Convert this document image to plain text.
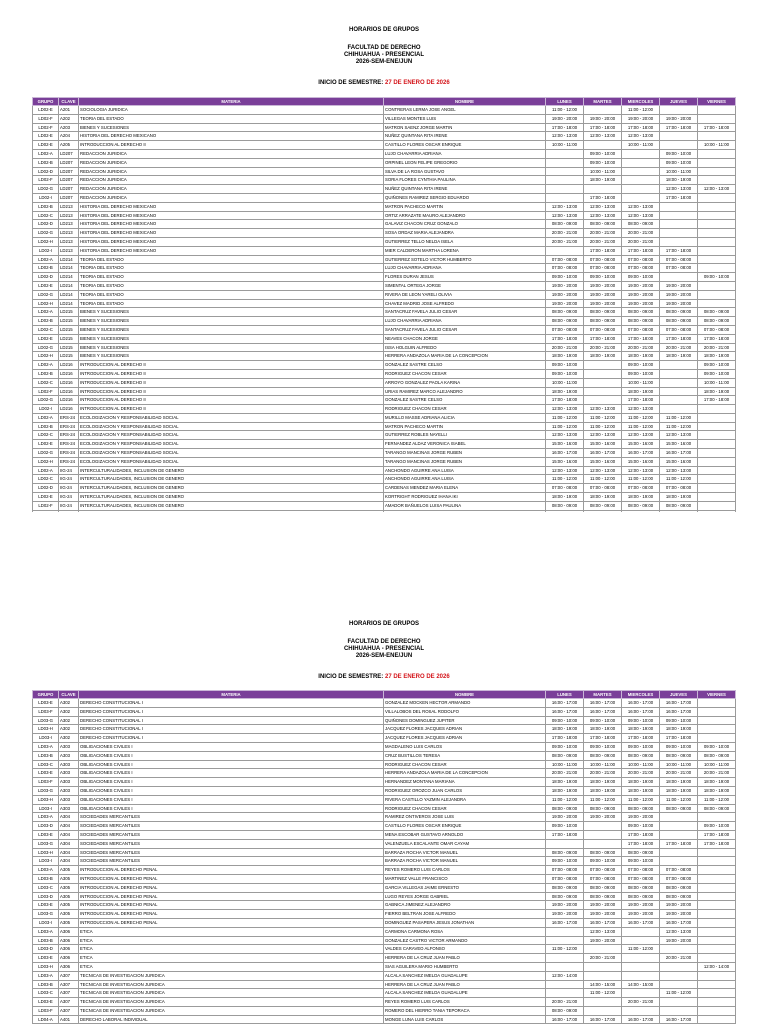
HORARIOS DE GRUPOS
FACULTAD DE DERECHO
CHIHUAHUA - PRESENCIAL
2026-SEM-ENE/JUN
INICIO DE SEMESTRE: 27 DE ENERO DE 2026
GRUPO	CLAVE	MATERIA	NOMBRE	LUNES	MARTES	MIERCOLES	JUEVES	VIERNES
LD02-E	A201	SOCIOLOGIA JURIDICA	CONTRERAS LERMA JOSE ANGEL	11:00 - 12:00		11:00 - 12:00		
LD02-F	A202	TEORIA DEL ESTADO	VILLEGAS MONTES LUIS	19:00 - 20:00	19:00 - 20:00	19:00 - 20:00	19:00 - 20:00	
LD02-F	A203	BIENES Y SUCESIONES	MATRON SAENZ JORGE MARTIN	17:00 - 18:00	17:00 - 18:00	17:00 - 18:00	17:00 - 18:00	17:00 - 18:00
LD02-E	A204	HISTORIA DEL DERECHO MEXICANO	NUÑEZ QUINTANA RITA IRENE	12:00 - 13:00	12:00 - 13:00	12:00 - 13:00		
LD02-E	A205	INTRODUCCION AL DERECHO II	CASTILLO FLORES OSCAR ENRIQUE	10:00 - 11:00		10:00 - 11:00		10:00 - 11:00
LD02-A	LD207	REDACCION JURIDICA	LUJO CHAVARRIA ADRIANA		09:00 - 10:00		09:00 - 10:00	
LD02-B	LD207	REDACCION JURIDICA	ORPINEL LEON FELIPE GREGORIO		09:00 - 10:00		09:00 - 10:00	
LD02-D	LD207	REDACCION JURIDICA	SILVA DE LA ROSA GUSTAVO		10:00 - 11:00		10:00 - 11:00	
LD02-F	LD207	REDACCION JURIDICA	SORIA FLORES CYNTHIA PAULINA		18:00 - 19:00		18:00 - 19:00	
LD02-G	LD207	REDACCION JURIDICA	NUÑEZ QUINTANA RITA IRENE				12:00 - 13:00	12:00 - 13:00
LD02-I	LD207	REDACCION JURIDICA	QUIÑONES RAMIREZ SERGIO EDUARDO		17:00 - 18:00		17:00 - 18:00	
LD02-B	LD213	HISTORIA DEL DERECHO MEXICANO	MATRON PACHECO MARTIN	12:00 - 13:00	12:00 - 13:00	12:00 - 13:00		
LD02-C	LD213	HISTORIA DEL DERECHO MEXICANO	ORTIZ ARRAZATE MAURO ALEJANDRO	12:00 - 13:00	12:00 - 13:00	12:00 - 13:00		
LD02-D	LD213	HISTORIA DEL DERECHO MEXICANO	GALAVIZ CHACON CRUZ GONZALO	08:00 - 09:00	08:00 - 09:00	08:00 - 09:00		
LD02-G	LD213	HISTORIA DEL DERECHO MEXICANO	SOSA ORDAZ MARIA ALEJANDRA	20:00 - 21:00	20:00 - 21:00	20:00 - 21:00		
LD02-H	LD213	HISTORIA DEL DERECHO MEXICANO	GUTIERREZ TELLO NELDA ISELA	20:00 - 21:00	20:00 - 21:00	20:00 - 21:00		
LD02-I	LD213	HISTORIA DEL DERECHO MEXICANO	MIER CALDERON MARTHA LORENA		17:00 - 18:00	17:00 - 18:00	17:00 - 18:00	
LD02-A	LD214	TEORIA DEL ESTADO	GUTIERREZ SOTELO VICTOR HUMBERTO	07:00 - 08:00	07:00 - 08:00	07:00 - 08:00	07:00 - 08:00	
LD02-B	LD214	TEORIA DEL ESTADO	LUJO CHAVARRIA ADRIANA	07:00 - 08:00	07:00 - 08:00	07:00 - 08:00	07:00 - 08:00	
LD02-D	LD214	TEORIA DEL ESTADO	FLORES DURAN JESUS	09:00 - 10:00	09:00 - 10:00	09:00 - 10:00		09:00 - 10:00
LD02-E	LD214	TEORIA DEL ESTADO	SIMENTAL ORTEGA JORGE	19:00 - 20:00	19:00 - 20:00	19:00 - 20:00	19:00 - 20:00	
LD02-G	LD214	TEORIA DEL ESTADO	RIVERA DE LEON YARELI OLIVIA	19:00 - 20:00	19:00 - 20:00	19:00 - 20:00	19:00 - 20:00	
LD02-H	LD214	TEORIA DEL ESTADO	CHAVEZ MADRID JOSE ALFREDO	19:00 - 20:00	19:00 - 20:00	19:00 - 20:00	19:00 - 20:00	
LD02-A	LD215	BIENES Y SUCESIONES	SANTACRUZ FAVELA JULIO CESAR	08:00 - 09:00	08:00 - 09:00	08:00 - 09:00	08:00 - 09:00	08:00 - 09:00
LD02-B	LD215	BIENES Y SUCESIONES	LUJO CHAVARRIA ADRIANA	08:00 - 09:00	08:00 - 09:00	08:00 - 09:00	08:00 - 09:00	08:00 - 09:00
LD02-C	LD215	BIENES Y SUCESIONES	SANTACRUZ FAVELA JULIO CESAR	07:00 - 08:00	07:00 - 08:00	07:00 - 08:00	07:00 - 08:00	07:00 - 08:00
LD02-E	LD215	BIENES Y SUCESIONES	NEAVES CHACON JORGE	17:00 - 18:00	17:00 - 18:00	17:00 - 18:00	17:00 - 18:00	17:00 - 18:00
LD02-G	LD215	BIENES Y SUCESIONES	ISSA HOLGUIN ALFREDO	20:00 - 21:00	20:00 - 21:00	20:00 - 21:00	20:00 - 21:00	20:00 - 21:00
LD02-H	LD215	BIENES Y SUCESIONES	HERRERA ANDAZOLA MARIA DE LA CONCEPCION	18:00 - 19:00	18:00 - 19:00	18:00 - 19:00	18:00 - 19:00	18:00 - 19:00
LD02-A	LD216	INTRODUCCION AL DERECHO II	GONZALEZ SASTRE CELSO	09:00 - 10:00		09:00 - 10:00		09:00 - 10:00
LD02-B	LD216	INTRODUCCION AL DERECHO II	RODRIGUEZ CHACON CESAR	09:00 - 10:00		09:00 - 10:00		09:00 - 10:00
LD02-C	LD216	INTRODUCCION AL DERECHO II	ARROYO GONZALEZ PAOLA KARINA	10:00 - 11:00		10:00 - 11:00		10:00 - 11:00
LD02-F	LD216	INTRODUCCION AL DERECHO II	URIAS RAMIREZ MARCO ALEJANDRO	18:00 - 19:00		18:00 - 19:00		18:00 - 19:00
LD02-G	LD216	INTRODUCCION AL DERECHO II	GONZALEZ SASTRE CELSO	17:00 - 18:00		17:00 - 18:00		17:00 - 18:00
LD02-I	LD216	INTRODUCCION AL DERECHO II	RODRIGUEZ CHACON CESAR	12:00 - 13:00	12:00 - 13:00	12:00 - 13:00		
LD02-A	ERS-24	ECOLOGIZACION Y RESPONSABILIDAD SOCIAL	MURILLO MASSE ADRIANA ALICIA	11:00 - 12:00	11:00 - 12:00	11:00 - 12:00	11:00 - 12:00	
LD02-B	ERS-24	ECOLOGIZACION Y RESPONSABILIDAD SOCIAL	MATRON PACHECO MARTIN	11:00 - 12:00	11:00 - 12:00	11:00 - 12:00	11:00 - 12:00	
LD02-C	ERS-24	ECOLOGIZACION Y RESPONSABILIDAD SOCIAL	GUTIERREZ ROBLES NAYELLI	12:00 - 13:00	12:00 - 13:00	12:00 - 13:00	12:00 - 13:00	
LD02-E	ERS-24	ECOLOGIZACION Y RESPONSABILIDAD SOCIAL	FERNANDEZ ALDAZ VERONICA ISABEL	15:00 - 16:00	15:00 - 16:00	15:00 - 16:00	15:00 - 16:00	
LD02-G	ERS-24	ECOLOGIZACION Y RESPONSABILIDAD SOCIAL	TARANGO MANCINAS JORGE RUBEN	16:00 - 17:00	16:00 - 17:00	16:00 - 17:00	16:00 - 17:00	
LD02-H	ERS-24	ECOLOGIZACION Y RESPONSABILIDAD SOCIAL	TARANGO MANCINAS JORGE RUBEN	15:00 - 16:00	15:00 - 16:00	15:00 - 16:00	15:00 - 16:00	
LD02-A	IIG-24	INTERCULTURALIDADES, INCLUSION DE GENERO	ANCHONDO AGUIRRE ANA LUISA	12:00 - 13:00	12:00 - 13:00	12:00 - 13:00	12:00 - 13:00	
LD02-C	IIG-24	INTERCULTURALIDADES, INCLUSION DE GENERO	ANCHONDO AGUIRRE ANA LUISA	11:00 - 12:00	11:00 - 12:00	11:00 - 12:00	11:00 - 12:00	
LD02-D	IIG-24	INTERCULTURALIDADES, INCLUSION DE GENERO	CARDENAS MENDEZ MARIA ELENA	07:00 - 08:00	07:00 - 08:00	07:00 - 08:00	07:00 - 08:00	
LD02-E	IIG-24	INTERCULTURALIDADES, INCLUSION DE GENERO	KORTRIGHT RODRIGUEZ IHANA IKI	18:00 - 19:00	18:00 - 19:00	18:00 - 19:00	18:00 - 19:00	
LD02-F	IIG-24	INTERCULTURALIDADES, INCLUSION DE GENERO	AMADOR BAÑUELOS LUISA PAULINA	08:00 - 09:00	08:00 - 09:00	08:00 - 09:00	08:00 - 09:00	

HORARIOS DE GRUPOS
FACULTAD DE DERECHO
CHIHUAHUA - PRESENCIAL
2026-SEM-ENE/JUN
INICIO DE SEMESTRE: 27 DE ENERO DE 2026
GRUPO	CLAVE	MATERIA	NOMBRE	LUNES	MARTES	MIERCOLES	JUEVES	VIERNES
LD03-E	A302	DERECHO CONSTITUCIONAL I	GONZALEZ MOCKEN HECTOR ARMANDO	16:00 - 17:00	16:00 - 17:00	16:00 - 17:00	16:00 - 17:00	
LD03-F	A302	DERECHO CONSTITUCIONAL I	VILLALOBOS DEL ROSAL RODOLFO	16:00 - 17:00	16:00 - 17:00	16:00 - 17:00	16:00 - 17:00	
LD03-G	A302	DERECHO CONSTITUCIONAL I	QUIÑONES DOMINGUEZ JUPITER	09:00 - 10:00	09:00 - 10:00	09:00 - 10:00	09:00 - 10:00	
LD03-H	A302	DERECHO CONSTITUCIONAL I	JACQUEZ FLORES JACQUES ADRIAN	18:00 - 19:00	18:00 - 19:00	18:00 - 19:00	18:00 - 19:00	
LD03-I	A302	DERECHO CONSTITUCIONAL I	JACQUEZ FLORES JACQUES ADRIAN	17:00 - 18:00	17:00 - 18:00	17:00 - 18:00	17:00 - 18:00	
LD03-A	A303	OBLIGACIONES CIVILES I	MAGDALENO LUIS CARLOS	09:00 - 10:00	09:00 - 10:00	09:00 - 10:00	09:00 - 10:00	09:00 - 10:00
LD03-B	A303	OBLIGACIONES CIVILES I	CRUZ BUSTILLOS TERESA	08:00 - 09:00	08:00 - 09:00	08:00 - 09:00	08:00 - 09:00	08:00 - 09:00
LD03-C	A303	OBLIGACIONES CIVILES I	RODRIGUEZ CHACON CESAR	10:00 - 11:00	10:00 - 11:00	10:00 - 11:00	10:00 - 11:00	10:00 - 11:00
LD03-E	A303	OBLIGACIONES CIVILES I	HERRERA ANDAZOLA MARIA DE LA CONCEPCION	20:00 - 21:00	20:00 - 21:00	20:00 - 21:00	20:00 - 21:00	20:00 - 21:00
LD03-F	A303	OBLIGACIONES CIVILES I	HERNANDEZ MONTANA MARIANA	18:00 - 19:00	18:00 - 19:00	18:00 - 19:00	18:00 - 19:00	18:00 - 19:00
LD03-G	A303	OBLIGACIONES CIVILES I	RODRIGUEZ OROZCO JUAN CARLOS	18:00 - 19:00	18:00 - 19:00	18:00 - 19:00	18:00 - 19:00	18:00 - 19:00
LD03-H	A303	OBLIGACIONES CIVILES I	RIVERA CASTILLO YAZMIN ALEJANDRA	11:00 - 12:00	11:00 - 12:00	11:00 - 12:00	11:00 - 12:00	11:00 - 12:00
LD03-I	A303	OBLIGACIONES CIVILES I	RODRIGUEZ CHACON CESAR	08:00 - 09:00	08:00 - 09:00	08:00 - 09:00	08:00 - 09:00	08:00 - 09:00
LD03-A	A304	SOCIEDADES MERCANTILES	RAMIREZ ONTIVEROS JOSE LUIS	19:00 - 20:00	19:00 - 20:00	19:00 - 20:00		
LD03-D	A304	SOCIEDADES MERCANTILES	CASTILLO FLORES OSCAR ENRIQUE	09:00 - 10:00		09:00 - 10:00		09:00 - 10:00
LD03-E	A304	SOCIEDADES MERCANTILES	MENA ESCOBAR GUSTAVO ARNOLDO	17:00 - 18:00		17:00 - 18:00		17:00 - 18:00
LD03-G	A304	SOCIEDADES MERCANTILES	VALENZUELA ESCALANTE OMAR CAYAM			17:00 - 18:00	17:00 - 18:00	17:00 - 18:00
LD03-H	A304	SOCIEDADES MERCANTILES	BARRAZA ROCHA VICTOR MANUEL	08:00 - 09:00	08:00 - 09:00	08:00 - 09:00		
LD03-I	A304	SOCIEDADES MERCANTILES	BARRAZA ROCHA VICTOR MANUEL	09:00 - 10:00	09:00 - 10:00	09:00 - 10:00		
LD03-A	A305	INTRODUCCION AL DERECHO PENAL	REYES ROMERO LUIS CARLOS	07:00 - 08:00	07:00 - 08:00	07:00 - 08:00	07:00 - 08:00	
LD03-B	A305	INTRODUCCION AL DERECHO PENAL	MARTINEZ VALLE FRANCISCO	07:00 - 08:00	07:00 - 08:00	07:00 - 08:00	07:00 - 08:00	
LD03-C	A305	INTRODUCCION AL DERECHO PENAL	GARCIA VILLEGAS JAIME ERNESTO	08:00 - 09:00	08:00 - 09:00	08:00 - 09:00	08:00 - 09:00	
LD03-D	A305	INTRODUCCION AL DERECHO PENAL	LUGO REYES JORGE GABRIEL	08:00 - 09:00	08:00 - 09:00	08:00 - 09:00	08:00 - 09:00	
LD03-E	A305	INTRODUCCION AL DERECHO PENAL	GABNICA JIMENEZ ALEJANDRO	19:00 - 20:00	19:00 - 20:00	19:00 - 20:00	19:00 - 20:00	
LD03-G	A305	INTRODUCCION AL DERECHO PENAL	FIERRO BELTRAN JOSE ALFREDO	19:00 - 20:00	19:00 - 20:00	19:00 - 20:00	19:00 - 20:00	
LD03-I	A305	INTRODUCCION AL DERECHO PENAL	DOMINGUEZ PASAPERA JESUS JONATHAN	16:00 - 17:00	16:00 - 17:00	16:00 - 17:00	16:00 - 17:00	
LD03-A	A306	ETICA	CARMONA CARMONA ROSA		12:00 - 13:00		12:00 - 13:00	
LD03-B	A306	ETICA	GONZALEZ CASTRO VICTOR ARMANDO		19:00 - 20:00		19:00 - 20:00	
LD03-D	A306	ETICA	VALDES CARAVEO ALFONSO	11:00 - 12:00		11:00 - 12:00		
LD03-E	A306	ETICA	HERRERA DE LA CRUZ JUAN PABLO		20:00 - 21:00		20:00 - 21:00	
LD03-H	A306	ETICA	SIAS AGUILERA MARIO HUMBERTO					12:00 - 14:00
LD03-A	A307	TECNICAS DE INVESTIGACION JURIDICA	ALCALA SANCHEZ IMELDA GUADALUPE	12:00 - 14:00				
LD03-B	A307	TECNICAS DE INVESTIGACION JURIDICA	HERRERA DE LA CRUZ JUAN PABLO		14:00 - 15:00	14:00 - 15:00		
LD03-C	A307	TECNICAS DE INVESTIGACION JURIDICA	ALCALA SANCHEZ IMELDA GUADALUPE		11:00 - 12:00		11:00 - 12:00	
LD03-E	A307	TECNICAS DE INVESTIGACION JURIDICA	REYES ROMERO LUIS CARLOS	20:00 - 21:00		20:00 - 21:00		
LD03-F	A307	TECNICAS DE INVESTIGACION JURIDICA	ROMERO DEL HIERRO TANIA TEPORACA	08:00 - 09:00				
LD04-A	A401	DERECHO LABORAL INDIVIDUAL	MONGE LUNA LUIS CARLOS	16:00 - 17:00	16:00 - 17:00	16:00 - 17:00	16:00 - 17:00	
